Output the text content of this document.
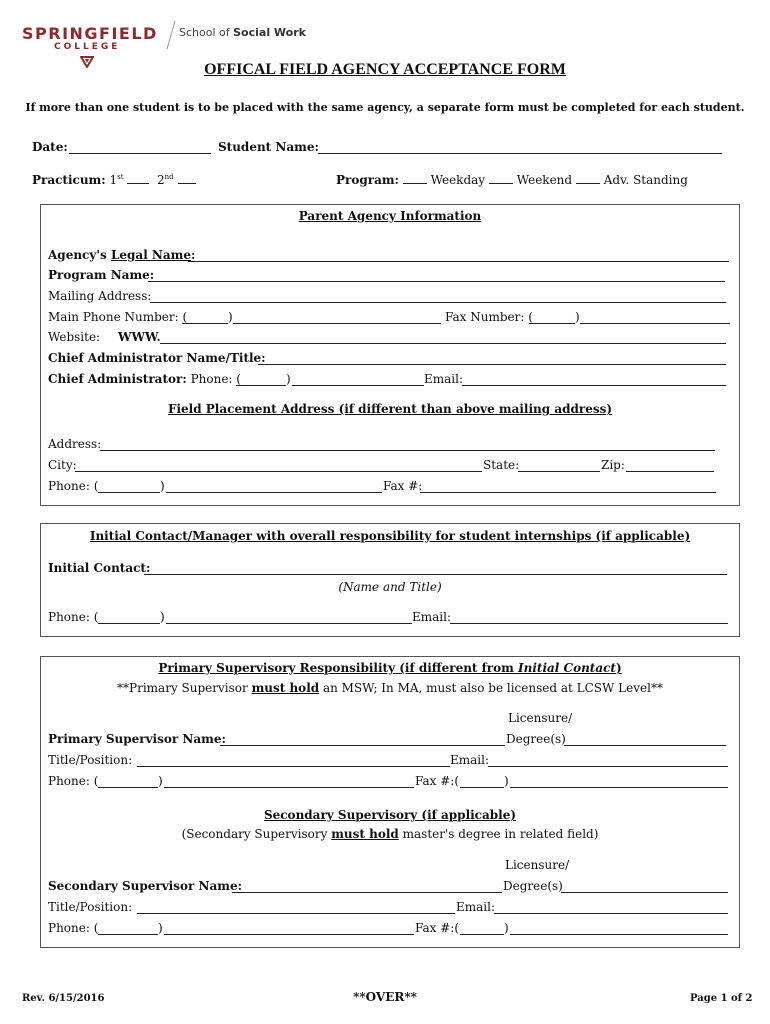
SPRINGFIELD
COLLEGE
School of Social Work
OFFICAL FIELD AGENCY ACCEPTANCE FORM
If more than one student is to be placed with the same agency, a separate form must be completed for each student.
Date:	Student Name:
Practicum: 1st	2nd	Program:	Weekday	Weekend	Adv. Standing
Parent Agency Information
Agency's Legal Name:
Program Name:
Mailing Address:
Main Phone Number: (	)	Fax Number: (	)
Website: WWW.
Chief Administrator Name/Title:
Chief Administrator: Phone: (	)	Email:
Field Placement Address (if different than above mailing address)
Address:
City:	State:	Zip:
Phone: (	)	Fax #:
Initial Contact/Manager with overall responsibility for student internships (if applicable)
Initial Contact:
(Name and Title)
Phone: (	)	Email:
Primary Supervisory Responsibility (if different from Initial Contact)
**Primary Supervisor must hold an MSW; In MA, must also be licensed at LCSW Level**
Licensure/
Primary Supervisor Name:	Degree(s)
Title/Position:	Email:
Phone: (	)	Fax #:(	)
Secondary Supervisory (if applicable)
(Secondary Supervisory must hold master's degree in related field)
Licensure/
Secondary Supervisor Name:	Degree(s)
Title/Position:	Email:
Phone: (	)	Fax #:(	)
Rev. 6/15/2016	**OVER**	Page 1 of 2
